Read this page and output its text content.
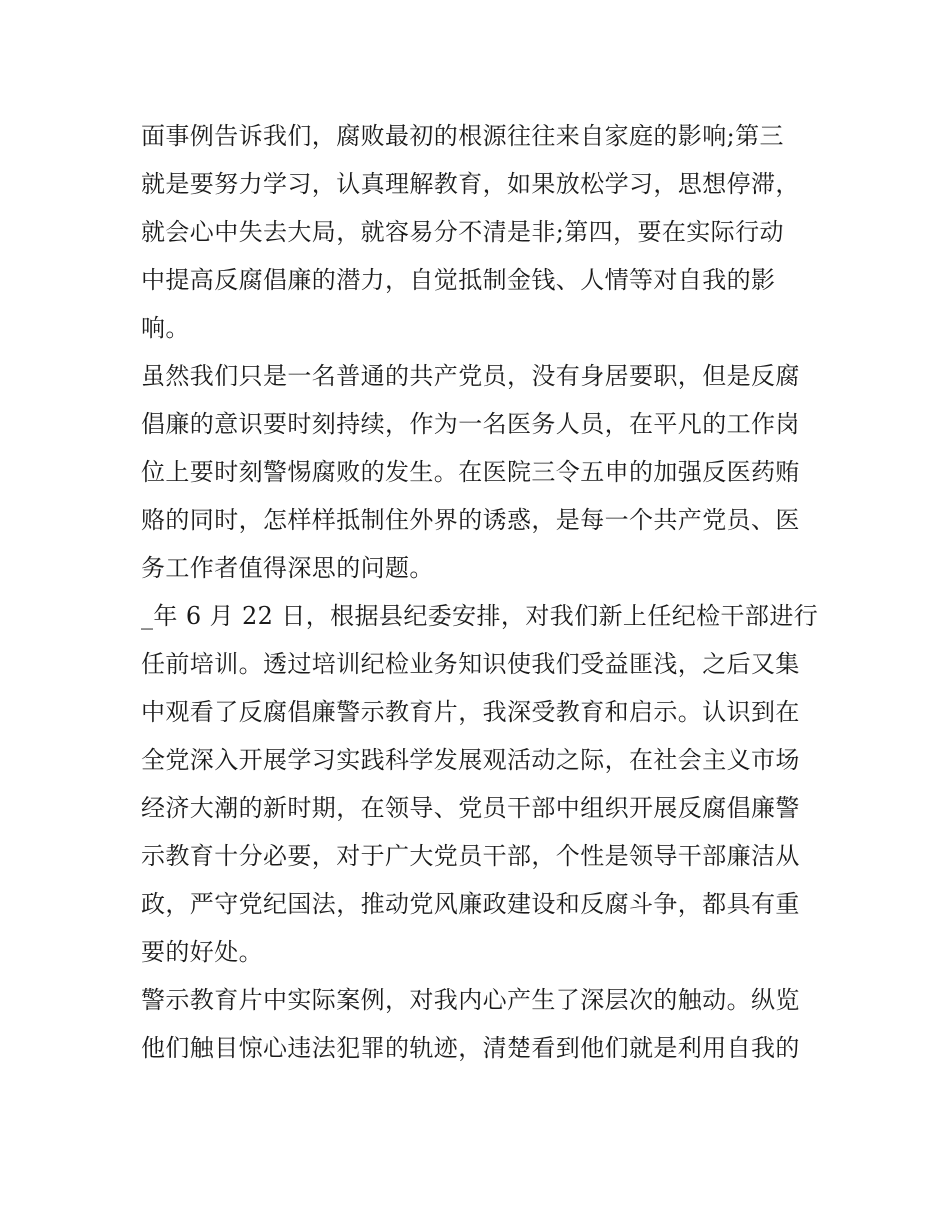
面事例告诉我们，腐败最初的根源往往来自家庭的影响;第三
就是要努力学习，认真理解教育，如果放松学习，思想停滞，
就会心中失去大局，就容易分不清是非;第四，要在实际行动
中提高反腐倡廉的潜力，自觉抵制金钱、人情等对自我的影
响。
虽然我们只是一名普通的共产党员，没有身居要职，但是反腐
倡廉的意识要时刻持续，作为一名医务人员，在平凡的工作岗
位上要时刻警惕腐败的发生。在医院三令五申的加强反医药贿
赂的同时，怎样样抵制住外界的诱惑，是每一个共产党员、医
务工作者值得深思的问题。
_年 6 月 22 日，根据县纪委安排，对我们新上任纪检干部进行
任前培训。透过培训纪检业务知识使我们受益匪浅，之后又集
中观看了反腐倡廉警示教育片，我深受教育和启示。认识到在
全党深入开展学习实践科学发展观活动之际，在社会主义市场
经济大潮的新时期，在领导、党员干部中组织开展反腐倡廉警
示教育十分必要，对于广大党员干部，个性是领导干部廉洁从
政，严守党纪国法，推动党风廉政建设和反腐斗争，都具有重
要的好处。
警示教育片中实际案例，对我内心产生了深层次的触动。纵览
他们触目惊心违法犯罪的轨迹，清楚看到他们就是利用自我的
